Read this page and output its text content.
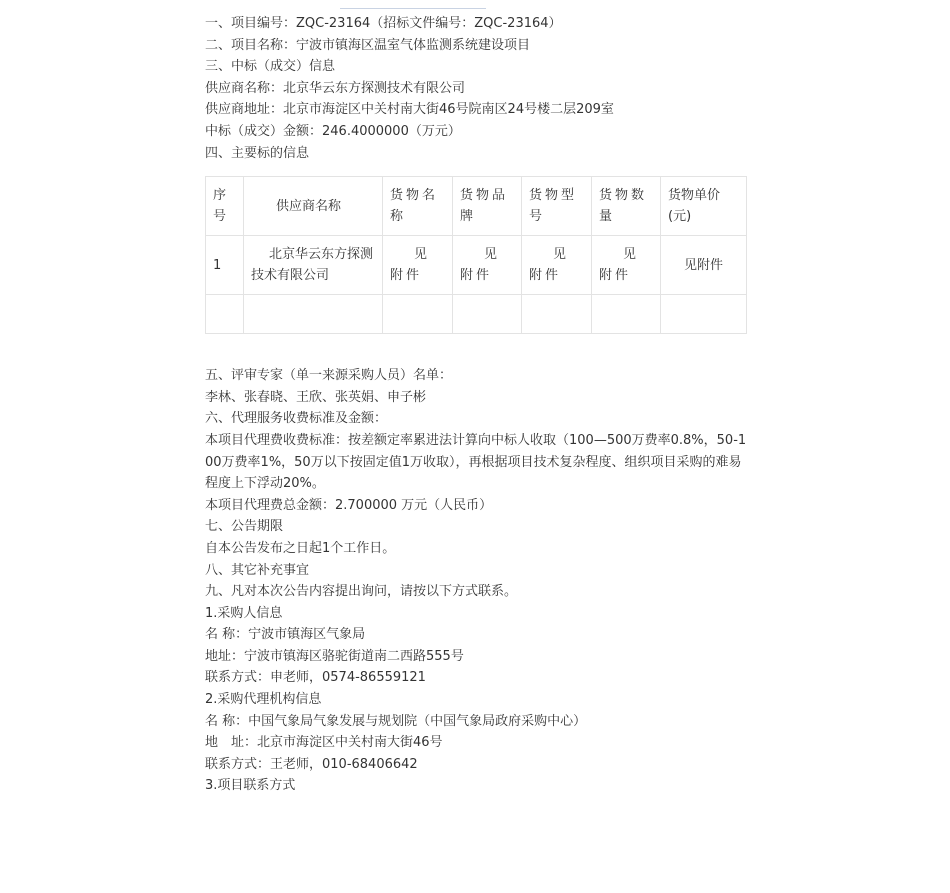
一、项目编号：ZQC-23164（招标文件编号：ZQC-23164）
二、项目名称：宁波市镇海区温室气体监测系统建设项目
三、中标（成交）信息
供应商名称：北京华云东方探测技术有限公司
供应商地址：北京市海淀区中关村南大街46号院南区24号楼二层209室
中标（成交）金额：246.4000000（万元）
四、主要标的信息
序号	供应商名称	货物名称	货物品牌	货物型号	货物数量	货物单价(元)
1	北京华云东方探测技术有限公司	见附件	见附件	见附件	见附件	见附件

五、评审专家（单一来源采购人员）名单：
李林、张春晓、王欣、张英娟、申子彬
六、代理服务收费标准及金额：
本项目代理费收费标准：按差额定率累进法计算向中标人收取（100—500万费率0.8%，50-100万费率1%，50万以下按固定值1万收取），再根据项目技术复杂程度、组织项目采购的难易程度上下浮动20%。
本项目代理费总金额：2.700000 万元（人民币）
七、公告期限
自本公告发布之日起1个工作日。
八、其它补充事宜
九、凡对本次公告内容提出询问，请按以下方式联系。
1.采购人信息
名 称：宁波市镇海区气象局
地址：宁波市镇海区骆驼街道南二西路555号
联系方式：申老师，0574-86559121
2.采购代理机构信息
名 称：中国气象局气象发展与规划院（中国气象局政府采购中心）
地　址：北京市海淀区中关村南大街46号
联系方式：王老师，010-68406642
3.项目联系方式
